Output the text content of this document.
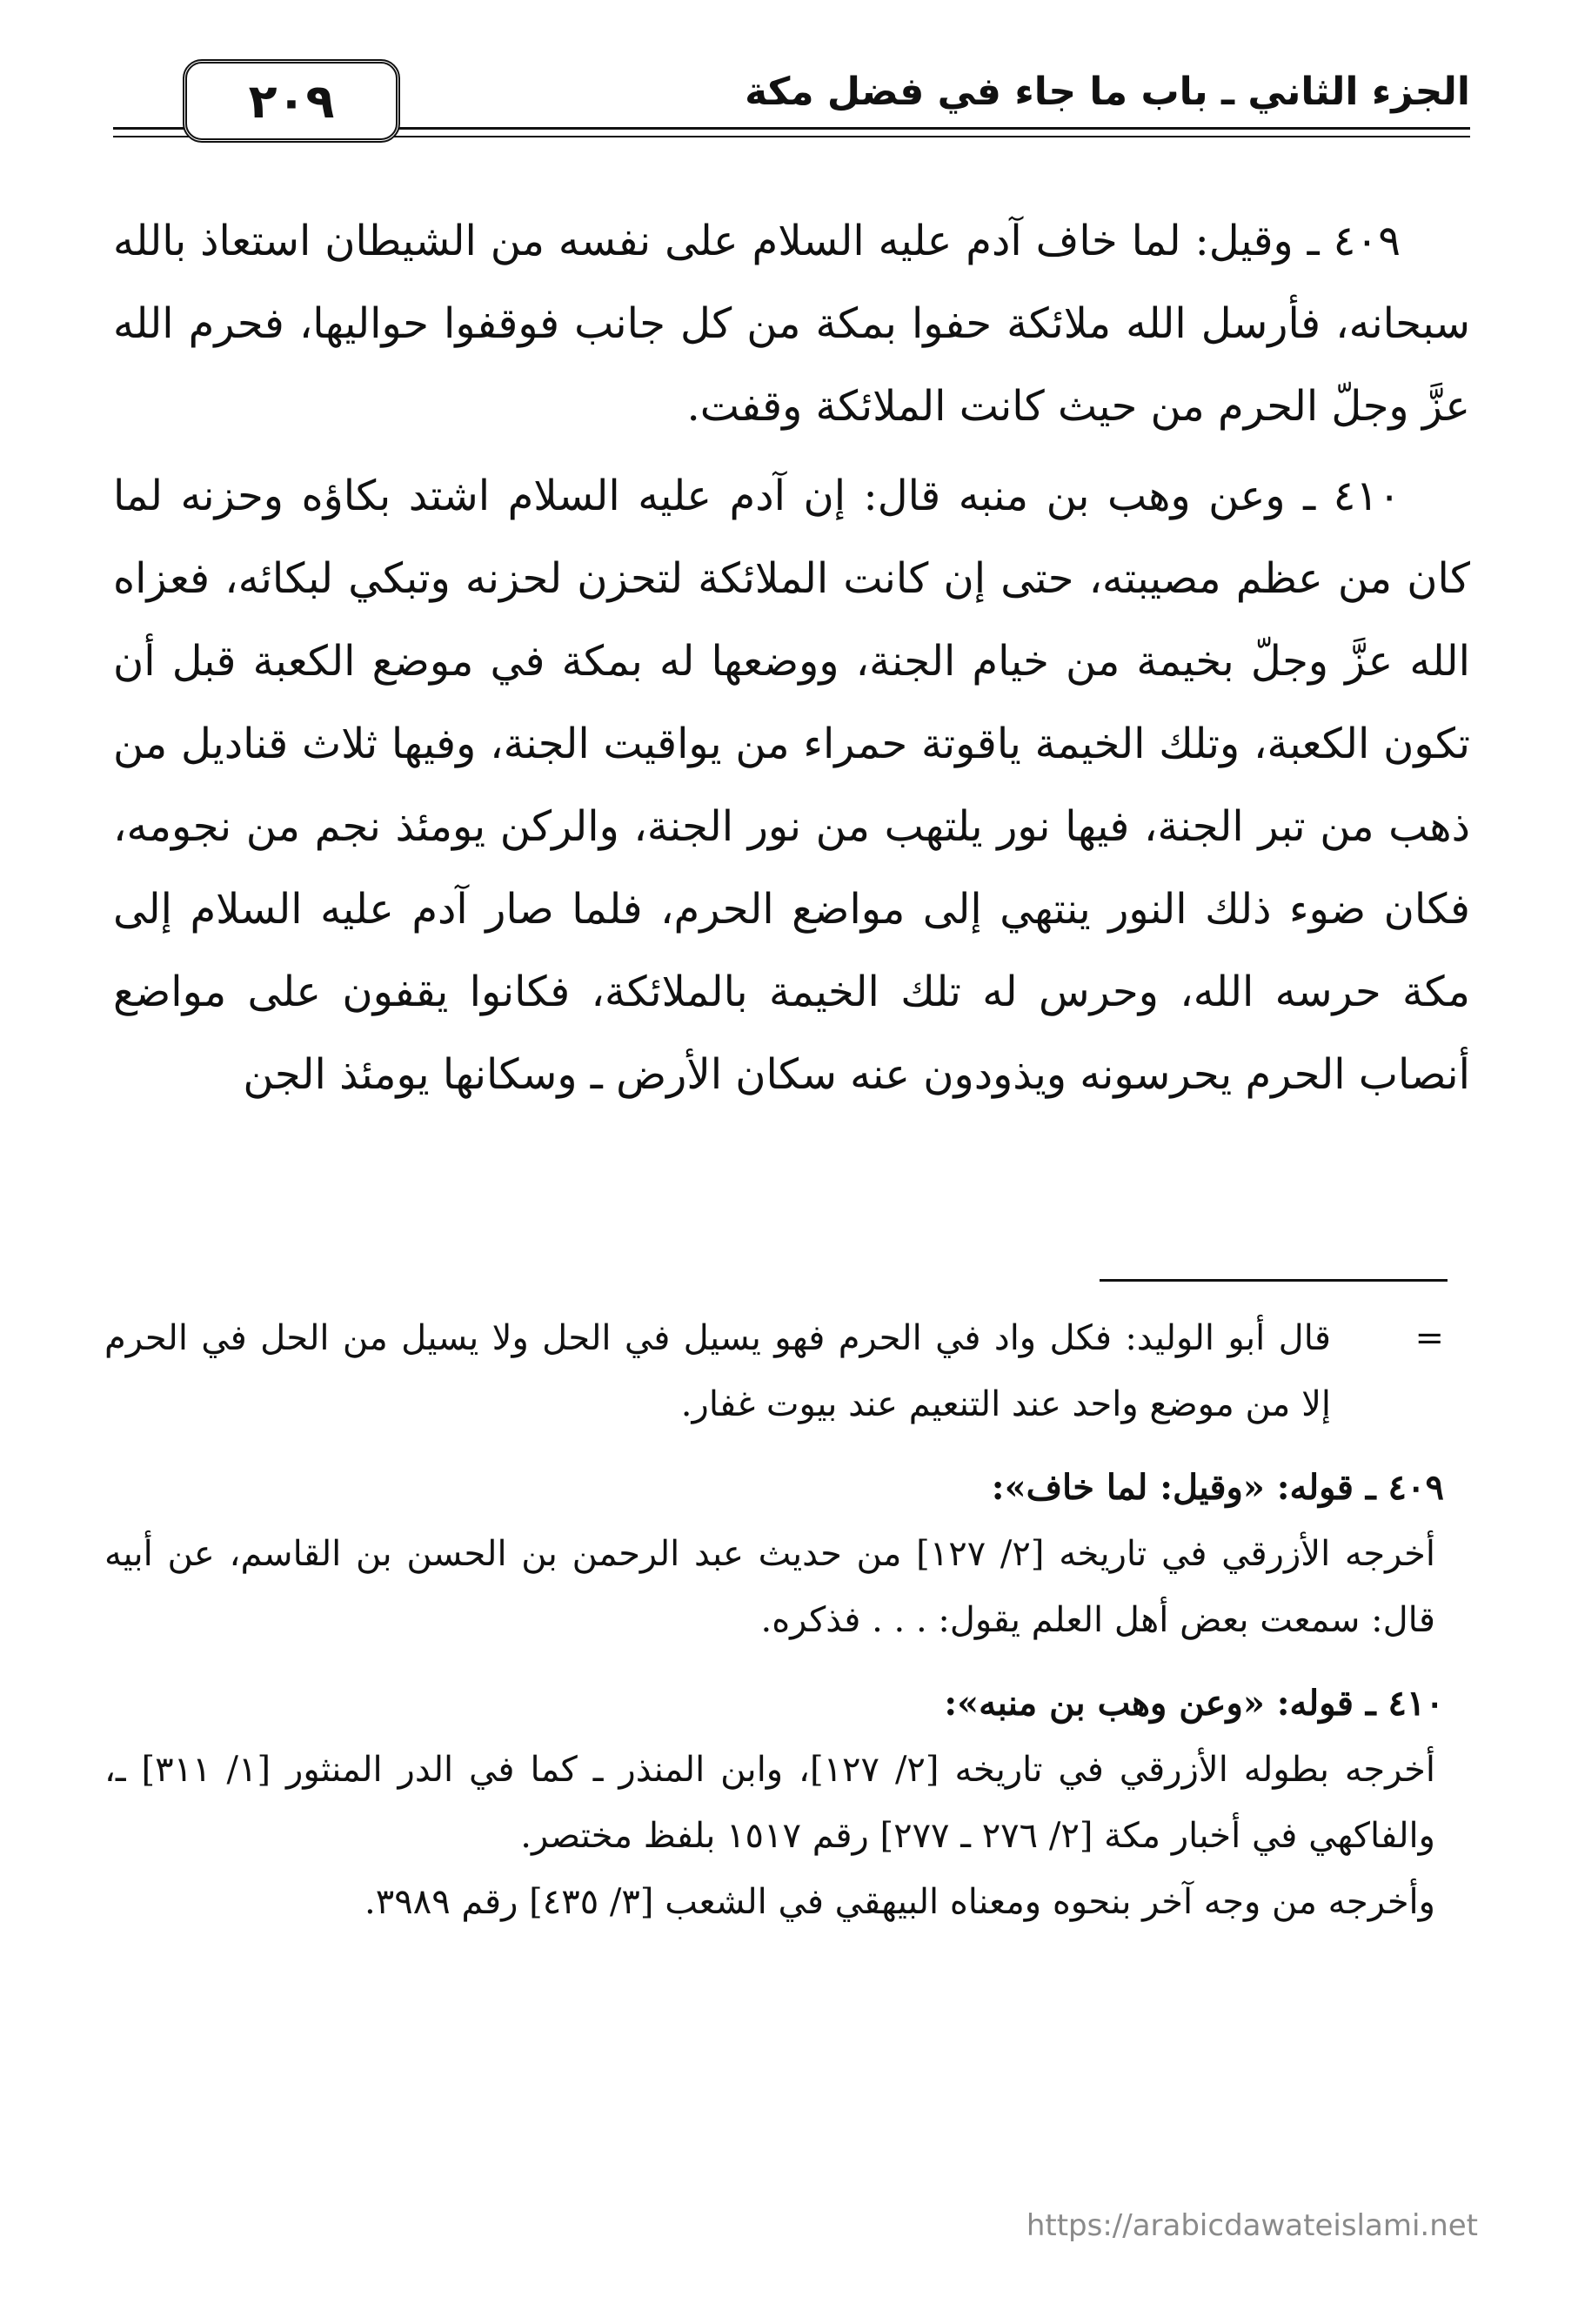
الجزء الثاني ـ باب ما جاء في فضل مكة
٢٠٩

٤٠٩ ـ وقيل: لما خاف آدم عليه السلام على نفسه من الشيطان استعاذ بالله سبحانه، فأرسل الله ملائكة حفوا بمكة من كل جانب فوقفوا حواليها، فحرم الله عزَّ وجلّ الحرم من حيث كانت الملائكة وقفت.

٤١٠ ـ وعن وهب بن منبه قال: إن آدم عليه السلام اشتد بكاؤه وحزنه لما كان من عظم مصيبته، حتى إن كانت الملائكة لتحزن لحزنه وتبكي لبكائه، فعزاه الله عزَّ وجلّ بخيمة من خيام الجنة، ووضعها له بمكة في موضع الكعبة قبل أن تكون الكعبة، وتلك الخيمة ياقوتة حمراء من يواقيت الجنة، وفيها ثلاث قناديل من ذهب من تبر الجنة، فيها نور يلتهب من نور الجنة، والركن يومئذ نجم من نجومه، فكان ضوء ذلك النور ينتهي إلى مواضع الحرم، فلما صار آدم عليه السلام إلى مكة حرسه الله، وحرس له تلك الخيمة بالملائكة، فكانوا يقفون على مواضع أنصاب الحرم يحرسونه ويذودون عنه سكان الأرض ـ وسكانها يومئذ الجن

=
قال أبو الوليد: فكل واد في الحرم فهو يسيل في الحل ولا يسيل من الحل في الحرم إلا من موضع واحد عند التنعيم عند بيوت غفار.

٤٠٩ ـ قوله: «وقيل: لما خاف»:

أخرجه الأزرقي في تاريخه [٢/ ١٢٧] من حديث عبد الرحمن بن الحسن بن القاسم، عن أبيه قال: سمعت بعض أهل العلم يقول: . . . فذكره.

٤١٠ ـ قوله: «وعن وهب بن منبه»:

أخرجه بطوله الأزرقي في تاريخه [٢/ ١٢٧]، وابن المنذر ـ كما في الدر المنثور [١/ ٣١١] ـ، والفاكهي في أخبار مكة [٢/ ٢٧٦ ـ ٢٧٧] رقم ١٥١٧ بلفظ مختصر.

وأخرجه من وجه آخر بنحوه ومعناه البيهقي في الشعب [٣/ ٤٣٥] رقم ٣٩٨٩.

https://arabicdawateislami.net
